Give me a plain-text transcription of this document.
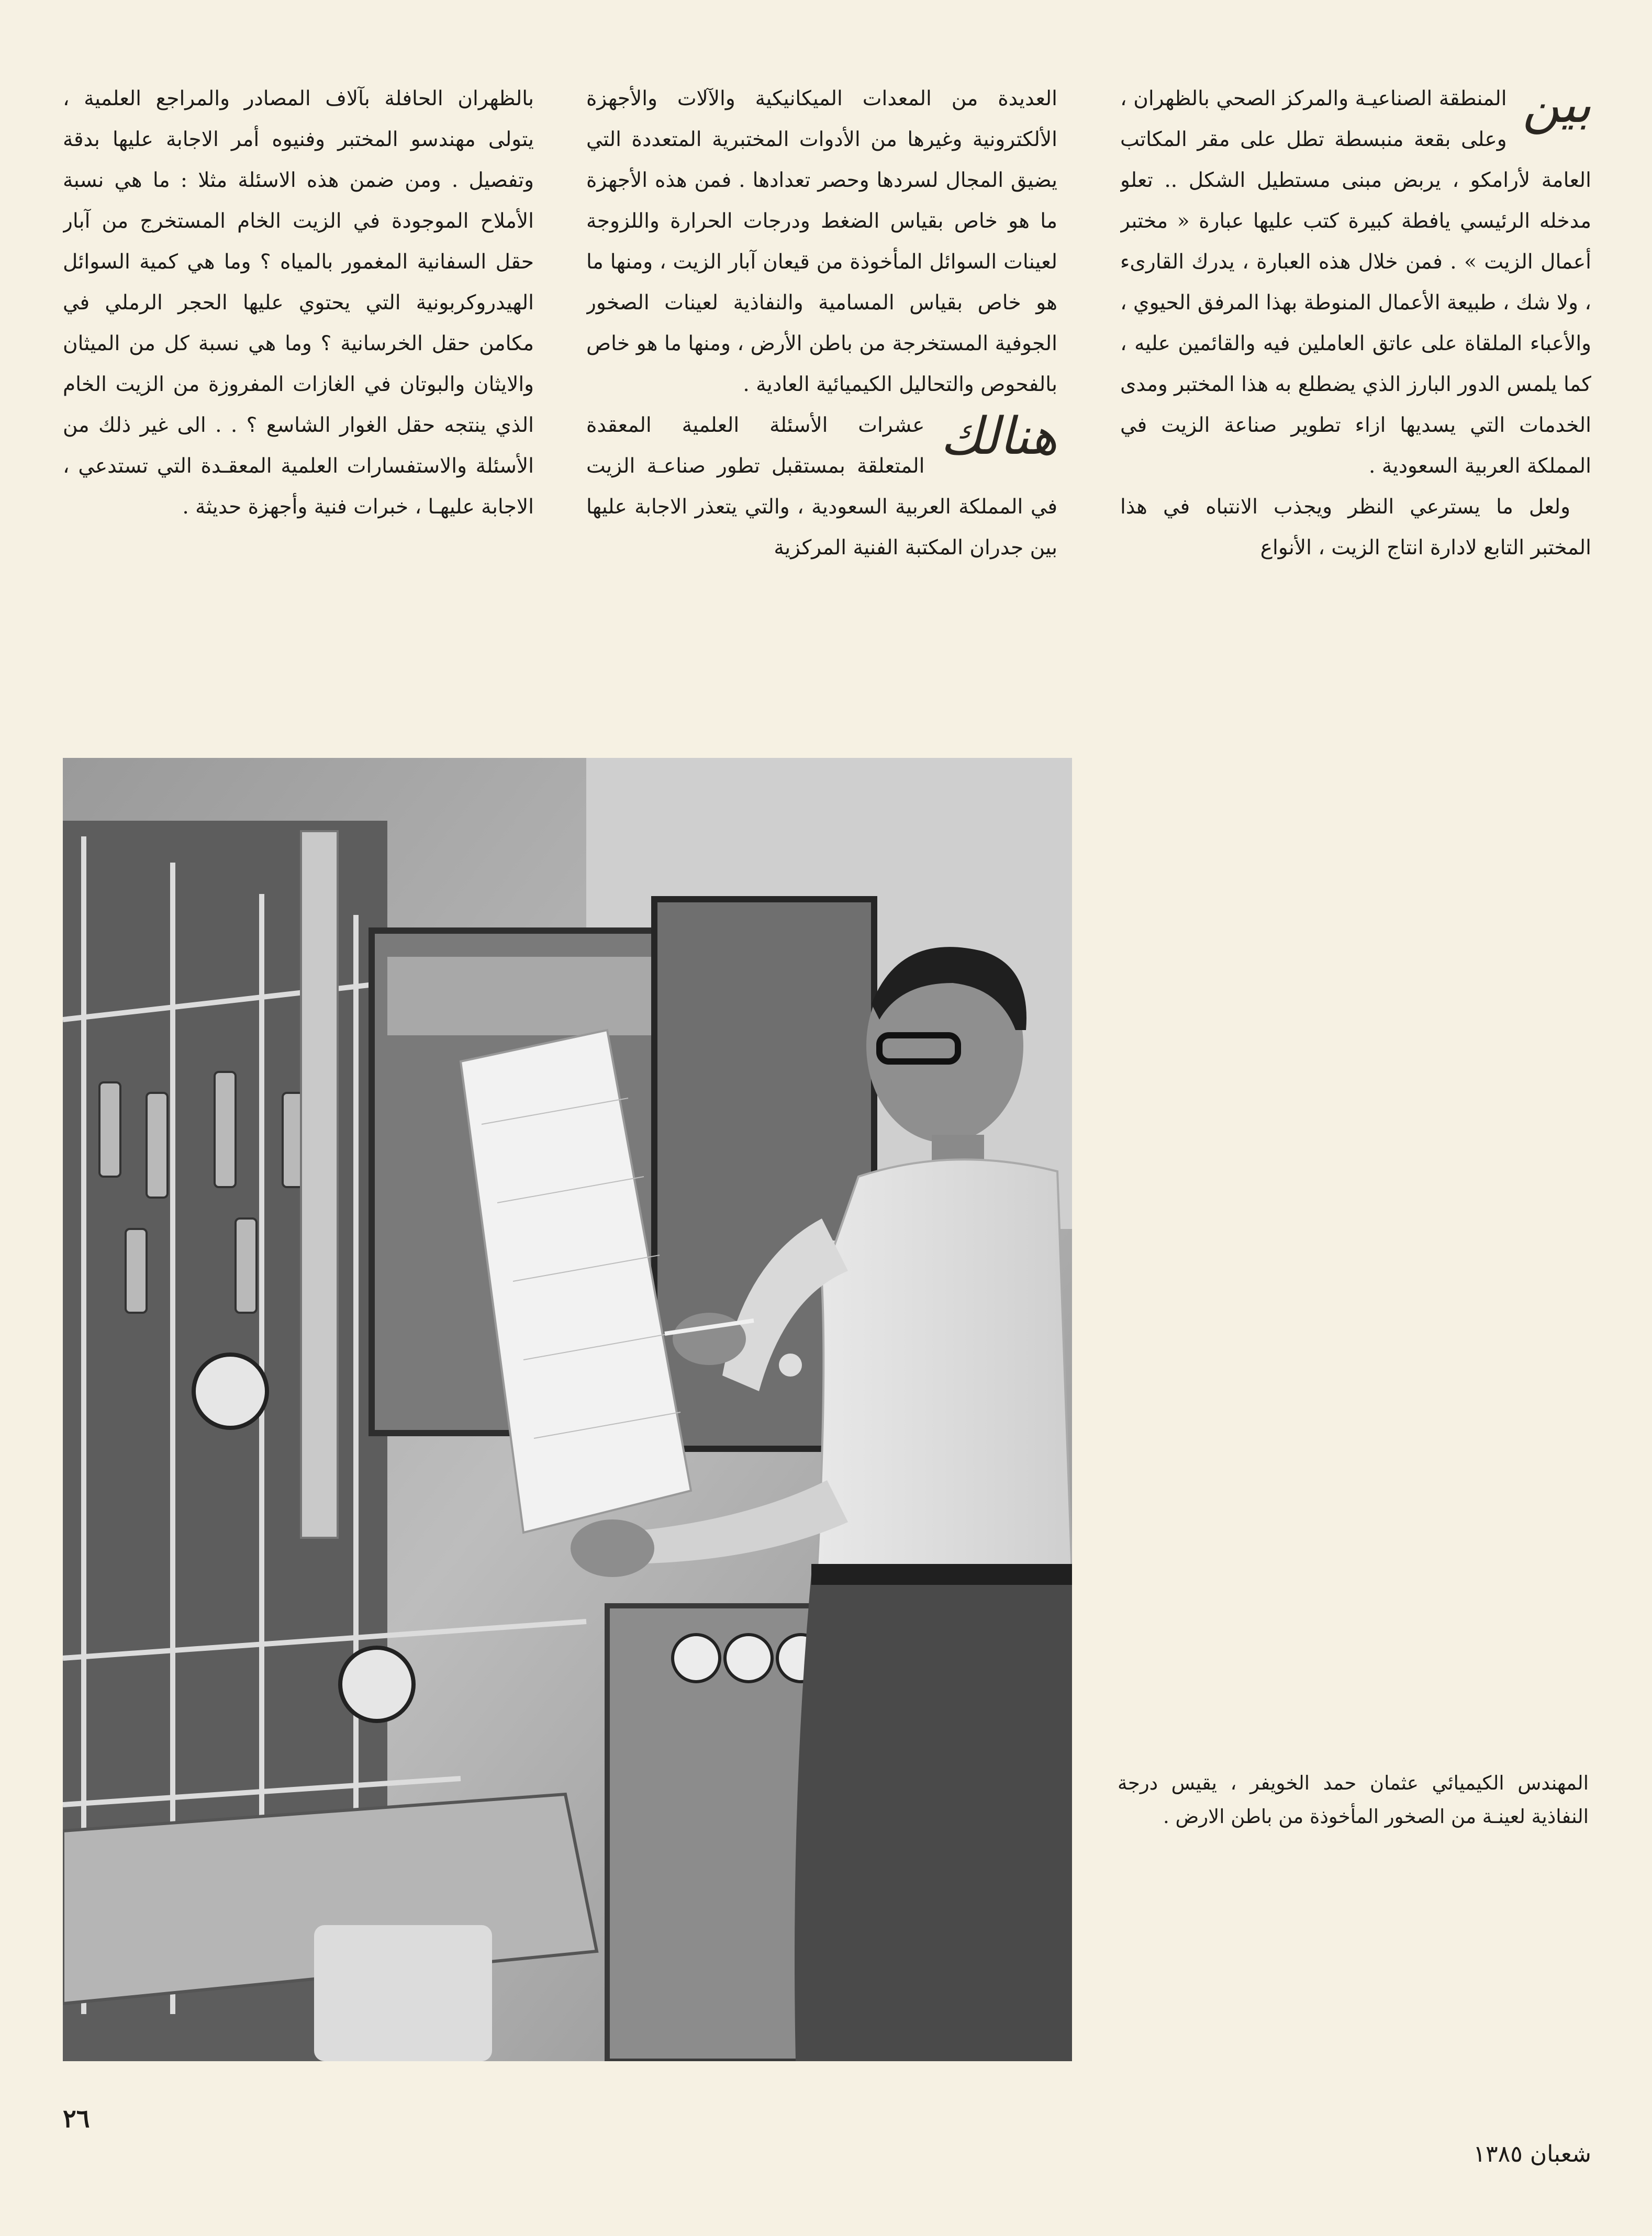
بين

المنطقة الصناعيـة والمركز الصحي بالظهران ، وعلى بقعة منبسطة تطل على مقر المكاتب العامة لأرامكو ، يربض مبنى مستطيل الشكل .. تعلو مدخله الرئيسي يافطة كبيرة كتب عليها عبارة « مختبر أعمال الزيت » . فمن خلال هذه العبارة ، يدرك القارىء ، ولا شك ، طبيعة الأعمال المنوطة بهذا المرفق الحيوي ، والأعباء الملقاة على عاتق العاملين فيه والقائمين عليه ، كما يلمس الدور البارز الذي يضطلع به هذا المختبر ومدى الخدمات التي يسديها ازاء تطوير صناعة الزيت في المملكة العربية السعودية .

ولعل ما يسترعي النظر ويجذب الانتباه في هذا المختبر التابع لادارة انتاج الزيت ، الأنواع

العديدة من المعدات الميكانيكية والآلات والأجهزة الألكترونية وغيرها من الأدوات المختبرية المتعددة التي يضيق المجال لسردها وحصر تعدادها . فمن هذه الأجهزة ما هو خاص بقياس الضغط ودرجات الحرارة واللزوجة لعينات السوائل المأخوذة من قيعان آبار الزيت ، ومنها ما هو خاص بقياس المسامية والنفاذية لعينات الصخور الجوفية المستخرجة من باطن الأرض ، ومنها ما هو خاص بالفحوص والتحاليل الكيميائية العادية .

هنالك

عشرات الأسئلة العلمية المعقدة المتعلقة بمستقبل تطور صناعـة الزيت في المملكة العربية السعودية ، والتي يتعذر الاجابة عليها بين جدران المكتبة الفنية المركزية

بالظهران الحافلة بآلاف المصادر والمراجع العلمية ، يتولى مهندسو المختبر وفنيوه أمر الاجابة عليها بدقة وتفصيل . ومن ضمن هذه الاسئلة مثلا : ما هي نسبة الأملاح الموجودة في الزيت الخام المستخرج من آبار حقل السفانية المغمور بالمياه ؟ وما هي كمية السوائل الهيدروكربونية التي يحتوي عليها الحجر الرملي في مكامن حقل الخرسانية ؟ وما هي نسبة كل من الميثان والايثان والبوتان في الغازات المفروزة من الزيت الخام الذي ينتجه حقل الغوار الشاسع ؟ . . الى غير ذلك من الأسئلة والاستفسارات العلمية المعقـدة التي تستدعي ، الاجابة عليهـا ، خبرات فنية وأجهزة حديثة .

المهندس الكيميائي عثمان حمد الخويفر ، يقيس درجة النفاذية لعينـة من الصخور المأخوذة من باطن الارض .
٢٦
شعبان ١٣٨٥
